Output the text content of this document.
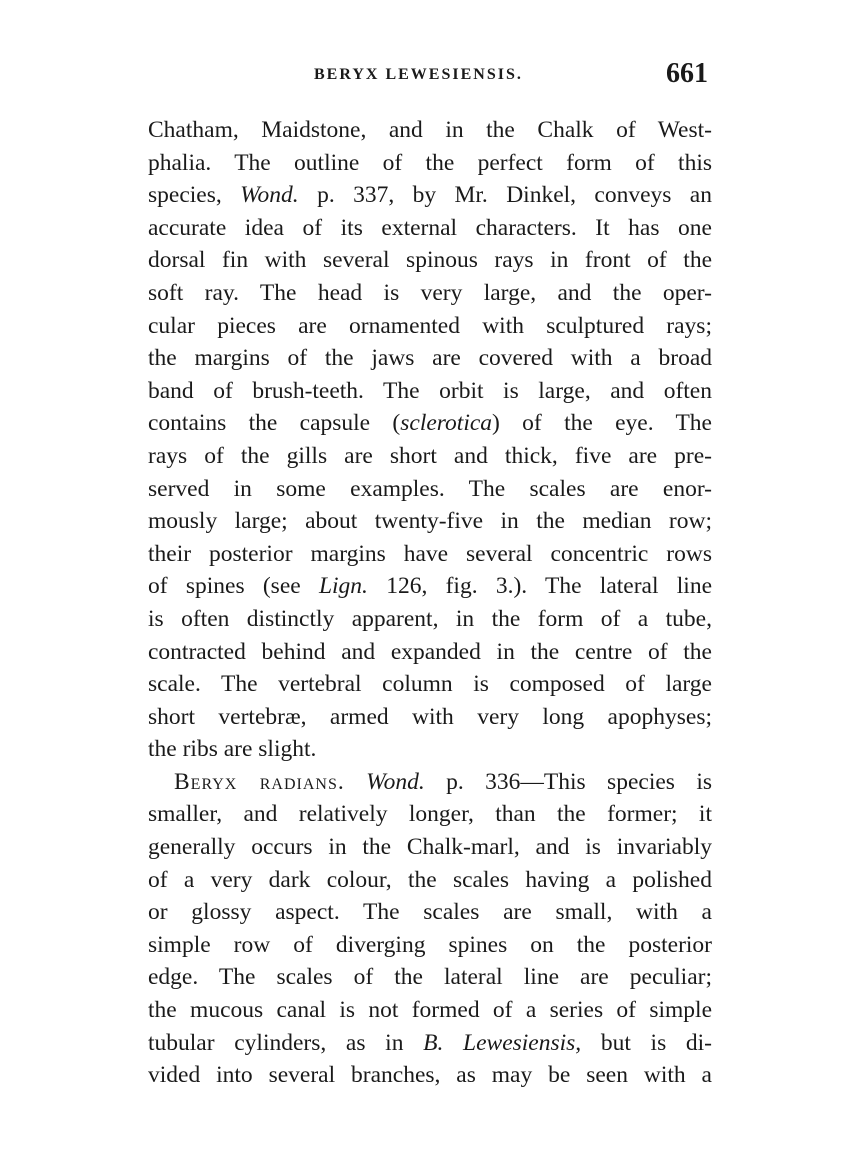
BERYX LEWESIENSIS.	661
Chatham, Maidstone, and in the Chalk of West-
phalia. The outline of the perfect form of this
species, Wond. p. 337, by Mr. Dinkel, conveys an
accurate idea of its external characters. It has one
dorsal fin with several spinous rays in front of the
soft ray. The head is very large, and the oper-
cular pieces are ornamented with sculptured rays;
the margins of the jaws are covered with a broad
band of brush-teeth. The orbit is large, and often
contains the capsule (sclerotica) of the eye. The
rays of the gills are short and thick, five are pre-
served in some examples. The scales are enor-
mously large; about twenty-five in the median row;
their posterior margins have several concentric rows
of spines (see Lign. 126, fig. 3.). The lateral line
is often distinctly apparent, in the form of a tube,
contracted behind and expanded in the centre of the
scale. The vertebral column is composed of large
short vertebræ, armed with very long apophyses;
the ribs are slight.
Beryx radians. Wond. p. 336—This species is
smaller, and relatively longer, than the former; it
generally occurs in the Chalk-marl, and is invariably
of a very dark colour, the scales having a polished
or glossy aspect. The scales are small, with a
simple row of diverging spines on the posterior
edge. The scales of the lateral line are peculiar;
the mucous canal is not formed of a series of simple
tubular cylinders, as in B. Lewesiensis, but is di-
vided into several branches, as may be seen with a
